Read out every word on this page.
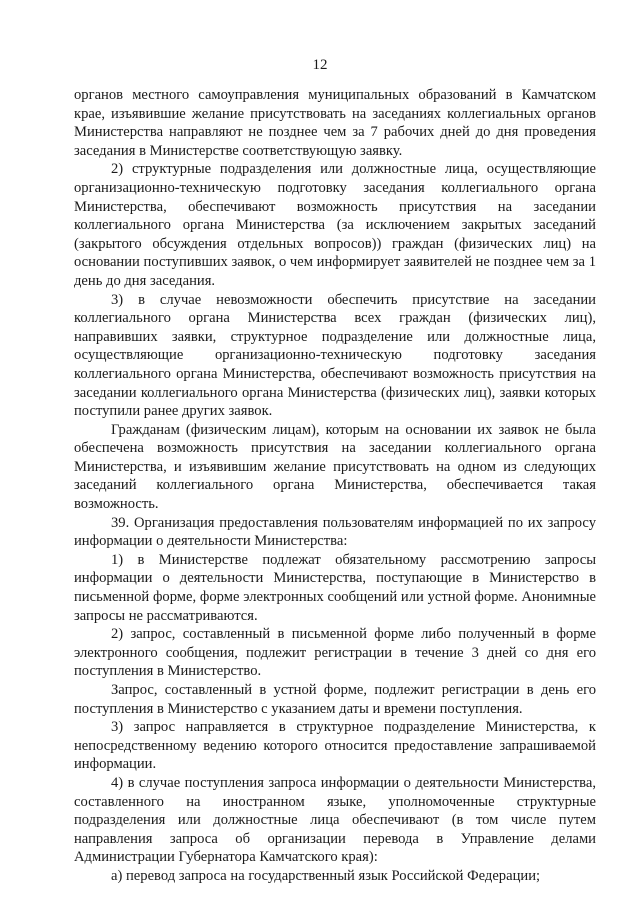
12

органов местного самоуправления муниципальных образований в Камчатском крае, изъявившие желание присутствовать на заседаниях коллегиальных органов Министерства направляют не позднее чем за 7 рабочих дней до дня проведения заседания в Министерстве соответствующую заявку.

2) структурные подразделения или должностные лица, осуществляющие организационно-техническую подготовку заседания коллегиального органа Министерства, обеспечивают возможность присутствия на заседании коллегиального органа Министерства (за исключением закрытых заседаний (закрытого обсуждения отдельных вопросов)) граждан (физических лиц) на основании поступивших заявок, о чем информирует заявителей не позднее чем за 1 день до дня заседания.

3) в случае невозможности обеспечить присутствие на заседании коллегиального органа Министерства всех граждан (физических лиц), направивших заявки, структурное подразделение или должностные лица, осуществляющие организационно-техническую подготовку заседания коллегиального органа Министерства, обеспечивают возможность присутствия на заседании коллегиального органа Министерства (физических лиц), заявки которых поступили ранее других заявок.

Гражданам (физическим лицам), которым на основании их заявок не была обеспечена возможность присутствия на заседании коллегиального органа Министерства, и изъявившим желание присутствовать на одном из следующих заседаний коллегиального органа Министерства, обеспечивается такая возможность.

39. Организация предоставления пользователям информацией по их запросу информации о деятельности Министерства:

1) в Министерстве подлежат обязательному рассмотрению запросы информации о деятельности Министерства, поступающие в Министерство в письменной форме, форме электронных сообщений или устной форме. Анонимные запросы не рассматриваются.

2) запрос, составленный в письменной форме либо полученный в форме электронного сообщения, подлежит регистрации в течение 3 дней со дня его поступления в Министерство.

Запрос, составленный в устной форме, подлежит регистрации в день его поступления в Министерство с указанием даты и времени поступления.

3) запрос направляется в структурное подразделение Министерства, к непосредственному ведению которого относится предоставление запрашиваемой информации.

4) в случае поступления запроса информации о деятельности Министерства, составленного на иностранном языке, уполномоченные структурные подразделения или должностные лица обеспечивают (в том числе путем направления запроса об организации перевода в Управление делами Администрации Губернатора Камчатского края):

а) перевод запроса на государственный язык Российской Федерации;
